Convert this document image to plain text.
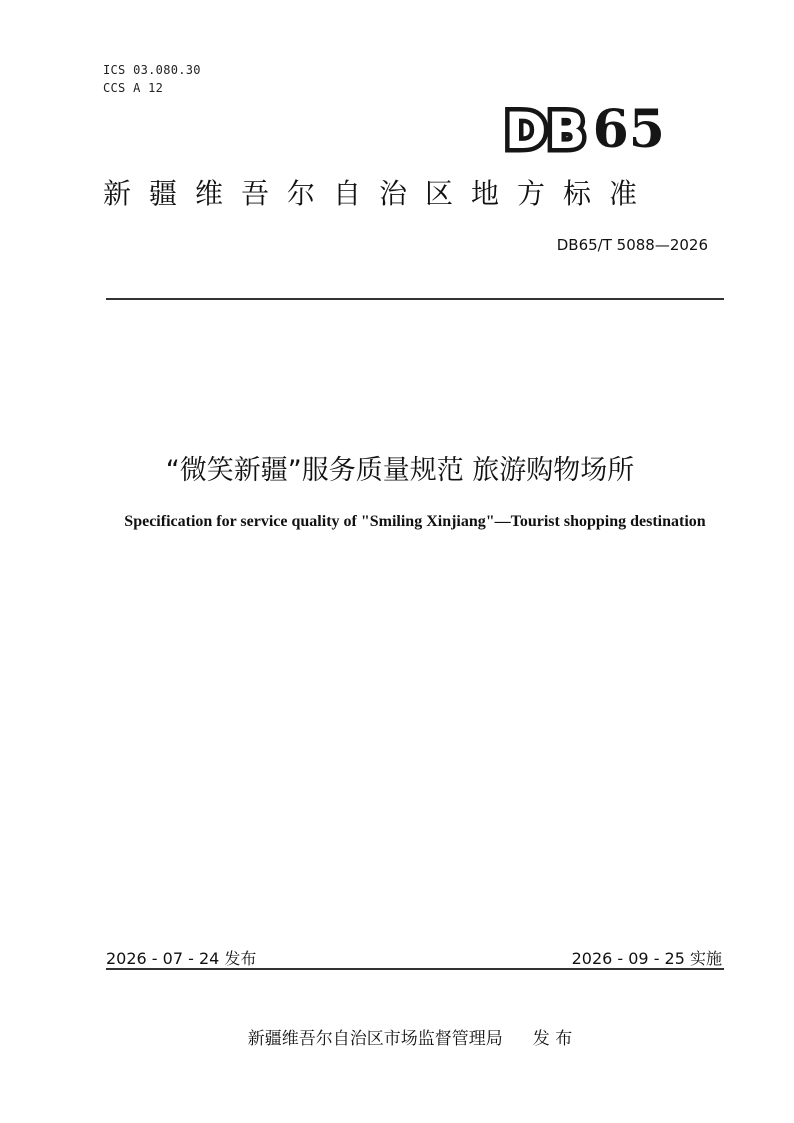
ICS 03.080.30
CCS A 12
DB 65
新疆维吾尔自治区地方标准
DB65/T 5088—2026
“微笑新疆”服务质量规范 旅游购物场所
Specification for service quality of "Smiling Xinjiang"—Tourist shopping destination
2026 - 07 - 24 发布	2026 - 09 - 25 实施
新疆维吾尔自治区市场监督管理局 发 布
